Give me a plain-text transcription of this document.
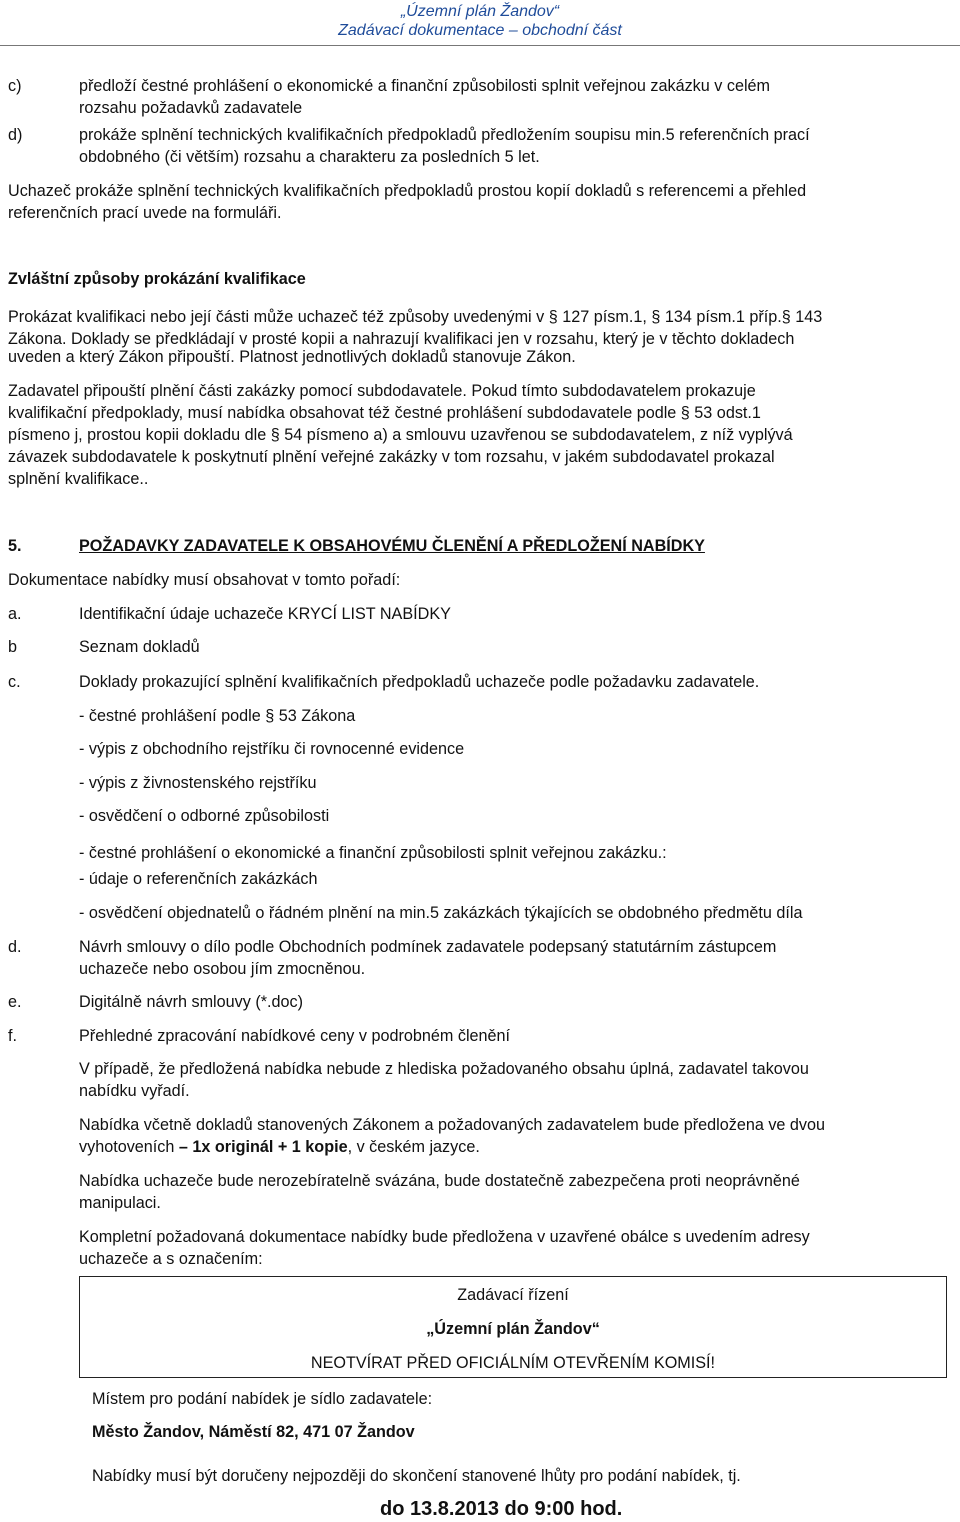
„Územní plán Žandov“
Zadávací dokumentace – obchodní část
c)	předloží čestné prohlášení o ekonomické a finanční způsobilosti splnit veřejnou zakázku v celém
rozsahu požadavků zadavatele
d)	prokáže splnění technických kvalifikačních předpokladů předložením soupisu min.5 referenčních prací
obdobného (či větším) rozsahu a charakteru za posledních 5 let.
Uchazeč prokáže splnění technických kvalifikačních předpokladů prostou kopií dokladů s referencemi a přehled
referenčních prací uvede na formuláři.
Zvláštní způsoby prokázání kvalifikace
Prokázat kvalifikaci nebo její části může uchazeč též způsoby uvedenými v § 127 písm.1, § 134 písm.1 příp.§ 143
Zákona. Doklady se předkládají v prosté kopii a nahrazují kvalifikaci jen v rozsahu, který je v těchto dokladech
uveden a který Zákon připouští. Platnost jednotlivých dokladů stanovuje Zákon.
Zadavatel připouští plnění části zakázky pomocí subdodavatele. Pokud tímto subdodavatelem prokazuje
kvalifikační předpoklady, musí nabídka obsahovat též čestné prohlášení subdodavatele podle § 53 odst.1
písmeno j, prostou kopii dokladu dle § 54 písmeno a) a smlouvu uzavřenou se subdodavatelem, z níž vyplývá
závazek subdodavatele k poskytnutí plnění veřejné zakázky v tom rozsahu, v jakém subdodavatel prokazal
splnění kvalifikace..
5.	POŽADAVKY ZADAVATELE K OBSAHOVÉMU ČLENĚNÍ A PŘEDLOŽENÍ NABÍDKY
Dokumentace nabídky musí obsahovat v tomto pořadí:
a.	Identifikační údaje uchazeče KRYCÍ LIST NABÍDKY
b	Seznam dokladů
c.	Doklady prokazující splnění kvalifikačních předpokladů uchazeče podle požadavku zadavatele.
- čestné prohlášení podle § 53 Zákona
- výpis z obchodního rejstříku či rovnocenné evidence
- výpis z živnostenského rejstříku
- osvědčení o odborné způsobilosti
- čestné prohlášení o ekonomické a finanční způsobilosti splnit veřejnou zakázku.:
- údaje o referenčních zakázkách
- osvědčení objednatelů o řádném plnění na min.5 zakázkách týkajících se obdobného předmětu díla
d.	Návrh smlouvy o dílo podle Obchodních podmínek zadavatele podepsaný statutárním zástupcem
uchazeče nebo osobou jím zmocněnou.
e.	Digitálně návrh smlouvy (*.doc)
f.	Přehledné zpracování nabídkové ceny v podrobném členění
V případě, že předložená nabídka nebude z hlediska požadovaného obsahu úplná, zadavatel takovou
nabídku vyřadí.
Nabídka včetně dokladů stanovených Zákonem a požadovaných zadavatelem bude předložena ve dvou
vyhotoveních – 1x originál + 1 kopie, v českém jazyce.
Nabídka uchazeče bude nerozebíratelně svázána, bude dostatečně zabezpečena proti neoprávněné
manipulaci.
Kompletní požadovaná dokumentace nabídky bude předložena v uzavřené obálce s uvedením adresy
uchazeče a s označením:
Zadávací řízení
„Územní plán Žandov“
NEOTVÍRAT PŘED OFICIÁLNÍM OTEVŘENÍM KOMISÍ!
Místem pro podání nabídek je sídlo zadavatele:
Město Žandov, Náměstí 82, 471 07 Žandov
Nabídky musí být doručeny nejpozději do skončení stanovené lhůty pro podání nabídek, tj.
do 13.8.2013 do 9:00 hod.
